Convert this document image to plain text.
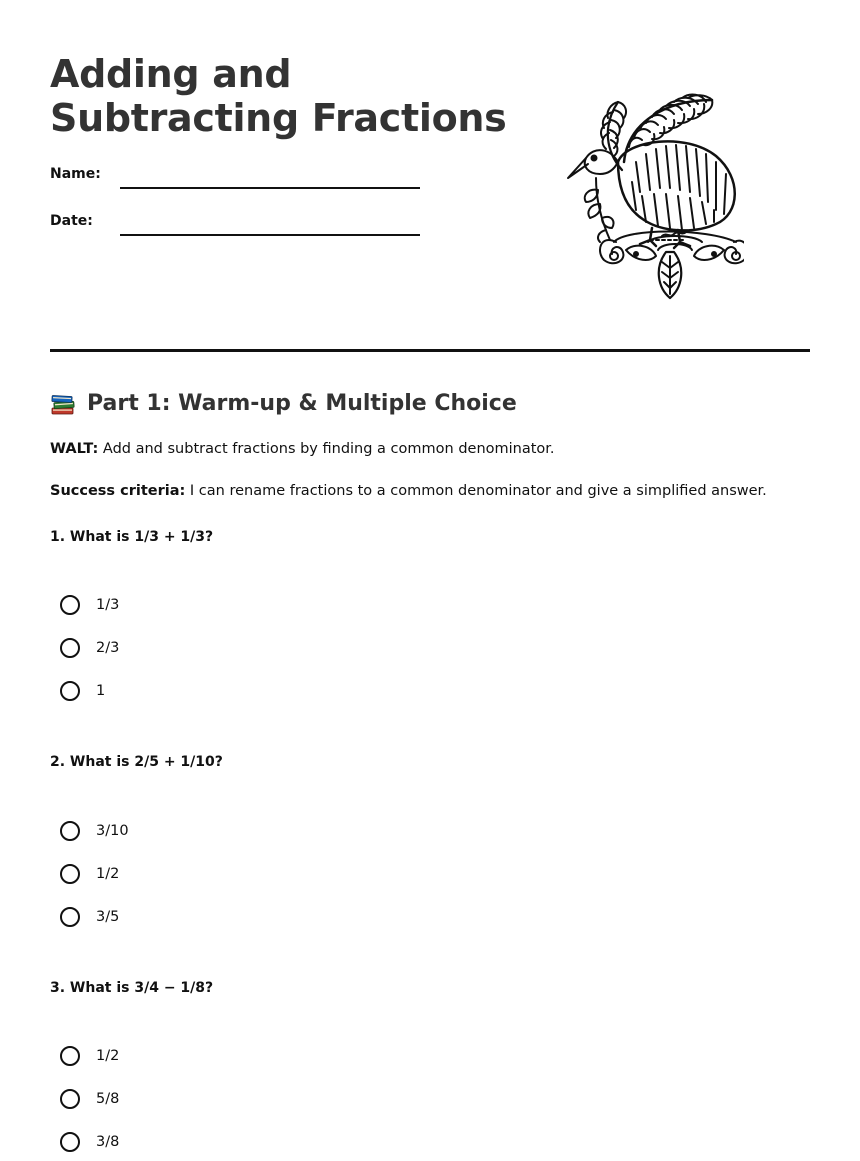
Adding and Subtracting Fractions
Name:
Date:
Part 1: Warm-up & Multiple Choice

WALT: Add and subtract fractions by finding a common denominator.

Success criteria: I can rename fractions to a common denominator and give a simplified answer.

1. What is 1/3 + 1/3?

1/3
2/3
1

2. What is 2/5 + 1/10?

3/10
1/2
3/5

3. What is 3/4 − 1/8?

1/2
5/8
3/8
